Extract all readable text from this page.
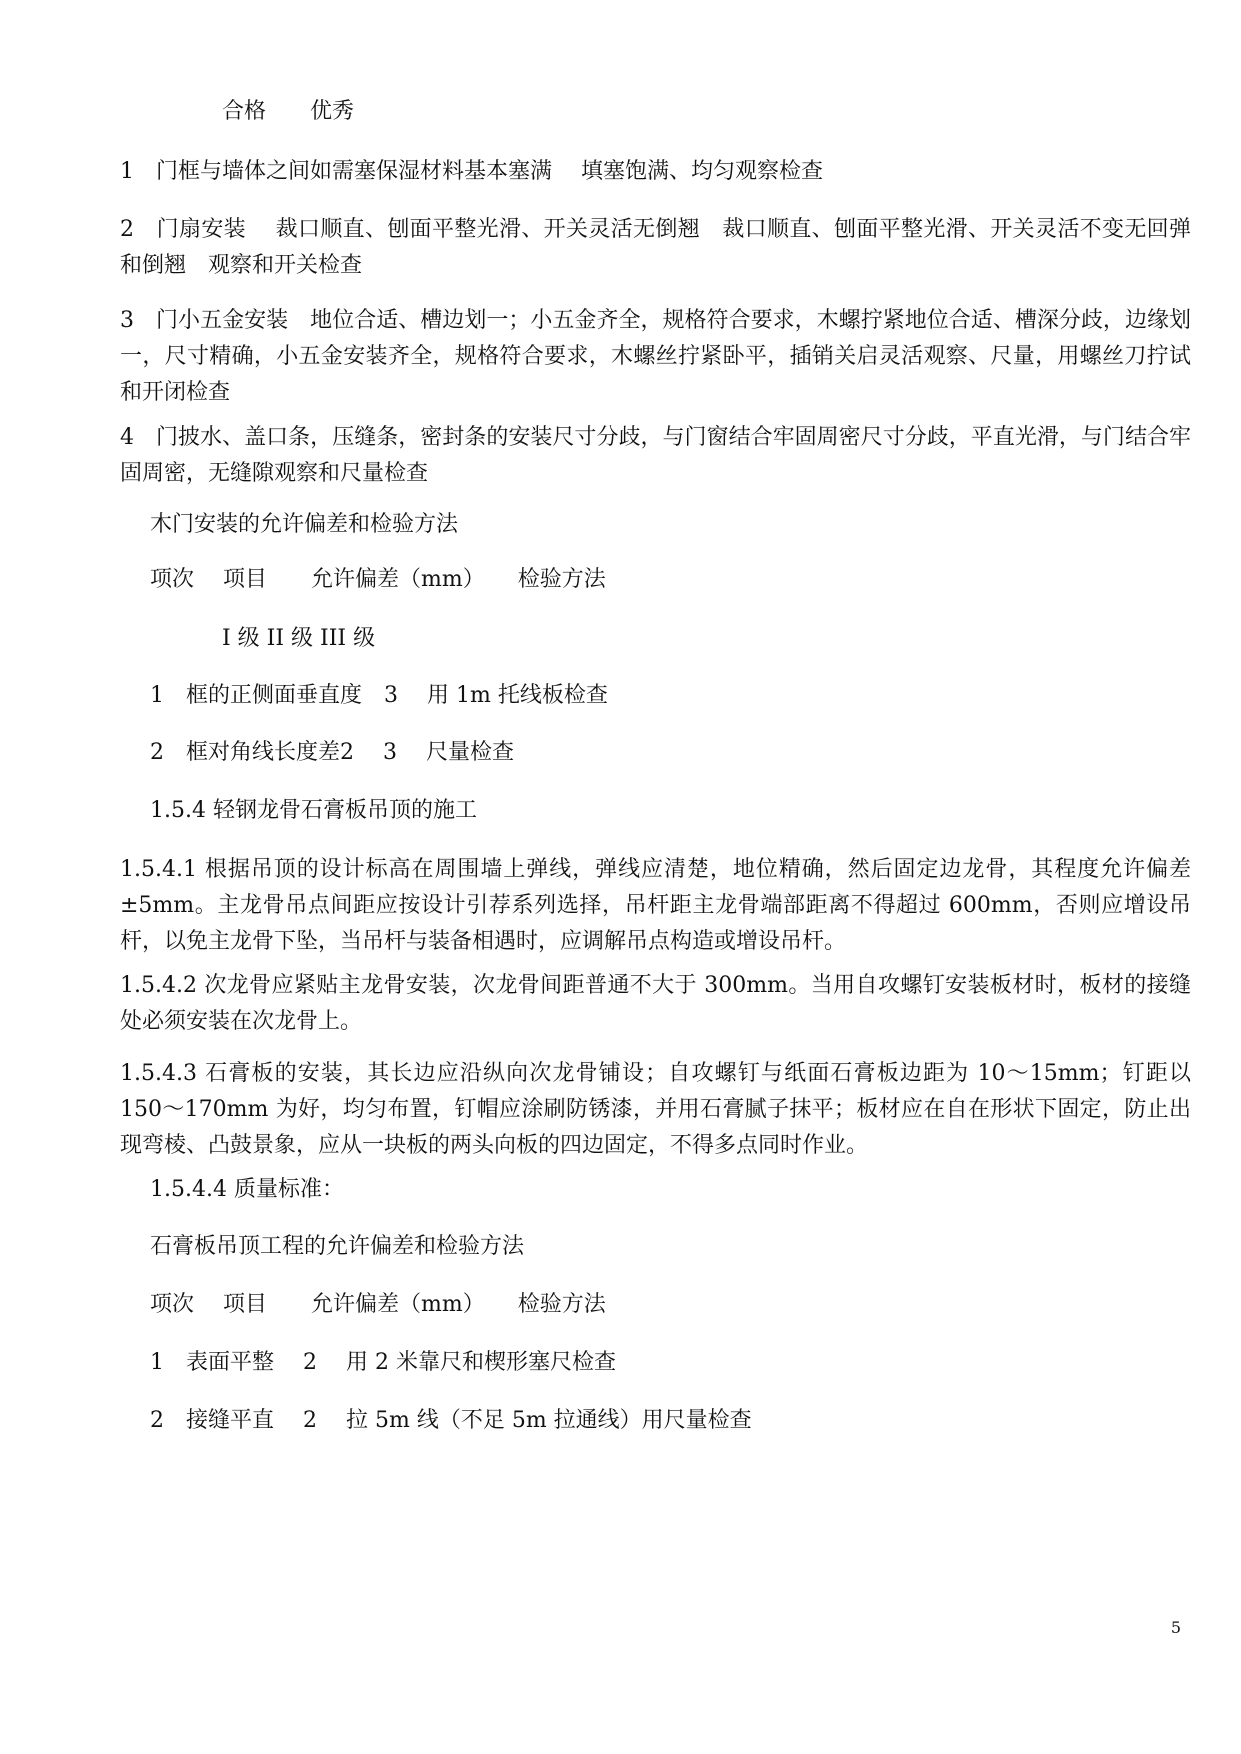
合格　　优秀
1　门框与墙体之间如需塞保湿材料基本塞满　 填塞饱满、均匀观察检查
2　门扇安装　 裁口顺直、刨面平整光滑、开关灵活无倒翘　裁口顺直、刨面平整光滑、开关灵活不变无回弹和倒翘　观察和开关检查
3　门小五金安装　地位合适、槽边划一；小五金齐全，规格符合要求，木螺拧紧地位合适、槽深分歧，边缘划一，尺寸精确，小五金安装齐全，规格符合要求，木螺丝拧紧卧平，插销关启灵活观察、尺量，用螺丝刀拧试和开闭检查
4　门披水、盖口条，压缝条，密封条的安装尺寸分歧，与门窗结合牢固周密尺寸分歧，平直光滑，与门结合牢固周密，无缝隙观察和尺量检查
木门安装的允许偏差和检验方法
项次　 项目　　允许偏差（mm）　　检验方法
I 级 II 级 III 级
1　框的正侧面垂直度　3　 用 1m 托线板检查
2　框对角线长度差2　 3　 尺量检查
1.5.4 轻钢龙骨石膏板吊顶的施工
1.5.4.1 根据吊顶的设计标高在周围墙上弹线，弹线应清楚，地位精确，然后固定边龙骨，其程度允许偏差±5mm。主龙骨吊点间距应按设计引荐系列选择，吊杆距主龙骨端部距离不得超过 600mm，否则应增设吊杆，以免主龙骨下坠，当吊杆与装备相遇时，应调解吊点构造或增设吊杆。
1.5.4.2 次龙骨应紧贴主龙骨安装，次龙骨间距普通不大于 300mm。当用自攻螺钉安装板材时，板材的接缝处必须安装在次龙骨上。
1.5.4.3 石膏板的安装，其长边应沿纵向次龙骨铺设；自攻螺钉与纸面石膏板边距为 10～15mm；钉距以 150～170mm 为好，均匀布置，钉帽应涂刷防锈漆，并用石膏腻子抹平；板材应在自在形状下固定，防止出现弯棱、凸鼓景象，应从一块板的两头向板的四边固定，不得多点同时作业。
1.5.4.4 质量标准：
石膏板吊顶工程的允许偏差和检验方法
项次　 项目　　允许偏差（mm）　　检验方法
1　表面平整　 2　 用 2 米靠尺和楔形塞尺检查
2　接缝平直　 2　 拉 5m 线（不足 5m 拉通线）用尺量检查
5
